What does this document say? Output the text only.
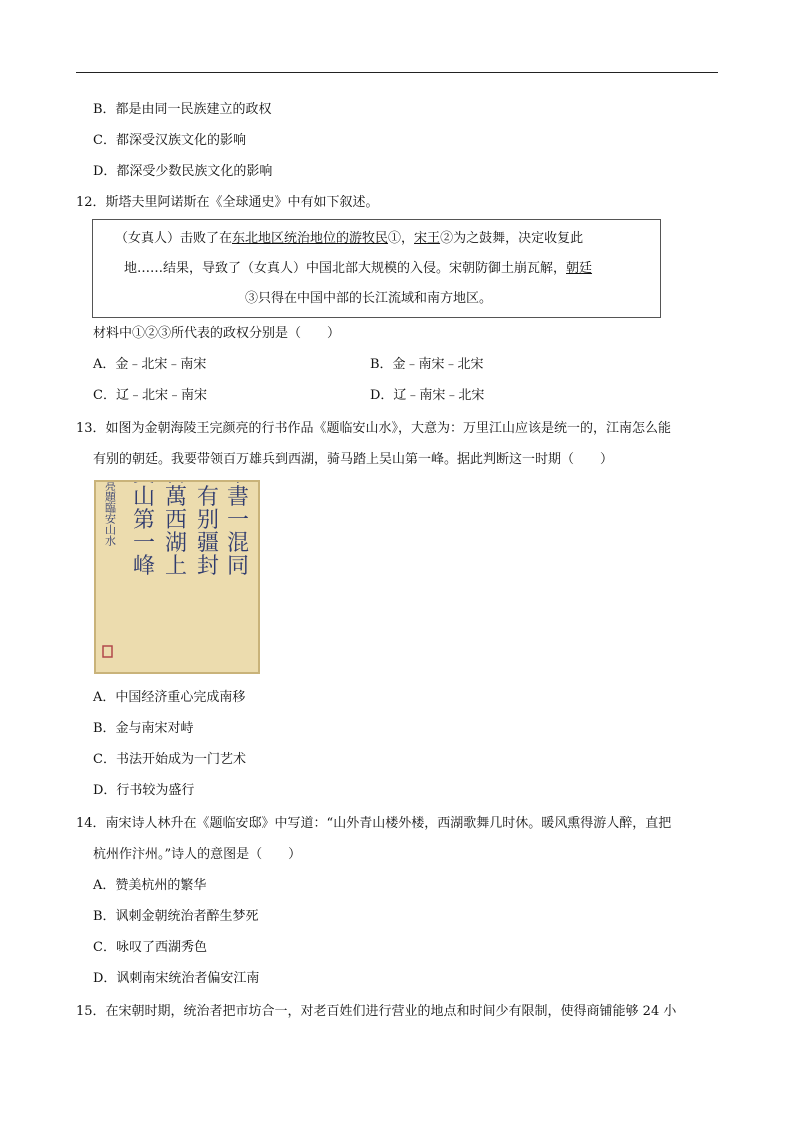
B．都是由同一民族建立的政权
C．都深受汉族文化的影响
D．都深受少数民族文化的影响
12．斯塔夫里阿诺斯在《全球通史》中有如下叙述。
（女真人）击败了在东北地区统治地位的游牧民①，宋王②为之鼓舞，决定收复此
地……结果，导致了（女真人）中国北部大规模的入侵。宋朝防御土崩瓦解，朝廷
③只得在中国中部的长江流域和南方地区。
材料中①②③所代表的政权分别是（　　）
A．金﹣北宋﹣南宋	B．金﹣南宋﹣北宋
C．辽﹣北宋﹣南宋	D．辽﹣南宋﹣北宋
13．如图为金朝海陵王完颜亮的行书作品《题临安山水》，大意为：万里江山应该是统一的，江南怎么能
有别的朝廷。我要带领百万雄兵到西湖，骑马踏上吴山第一峰。据此判断这一时期（　　）
萬里車書一混同
江南豈有别疆封
提兵百萬西湖上
立馬吳山第一峰
完顏亮題臨安山水
A．中国经济重心完成南移
B．金与南宋对峙
C．书法开始成为一门艺术
D．行书较为盛行
14．南宋诗人林升在《题临安邸》中写道：“山外青山楼外楼，西湖歌舞几时休。暖风熏得游人醉，直把
杭州作汴州。”诗人的意图是（　　）
A．赞美杭州的繁华
B．讽刺金朝统治者醉生梦死
C．咏叹了西湖秀色
D．讽刺南宋统治者偏安江南
15．在宋朝时期，统治者把市坊合一，对老百姓们进行营业的地点和时间少有限制，使得商铺能够 24 小
